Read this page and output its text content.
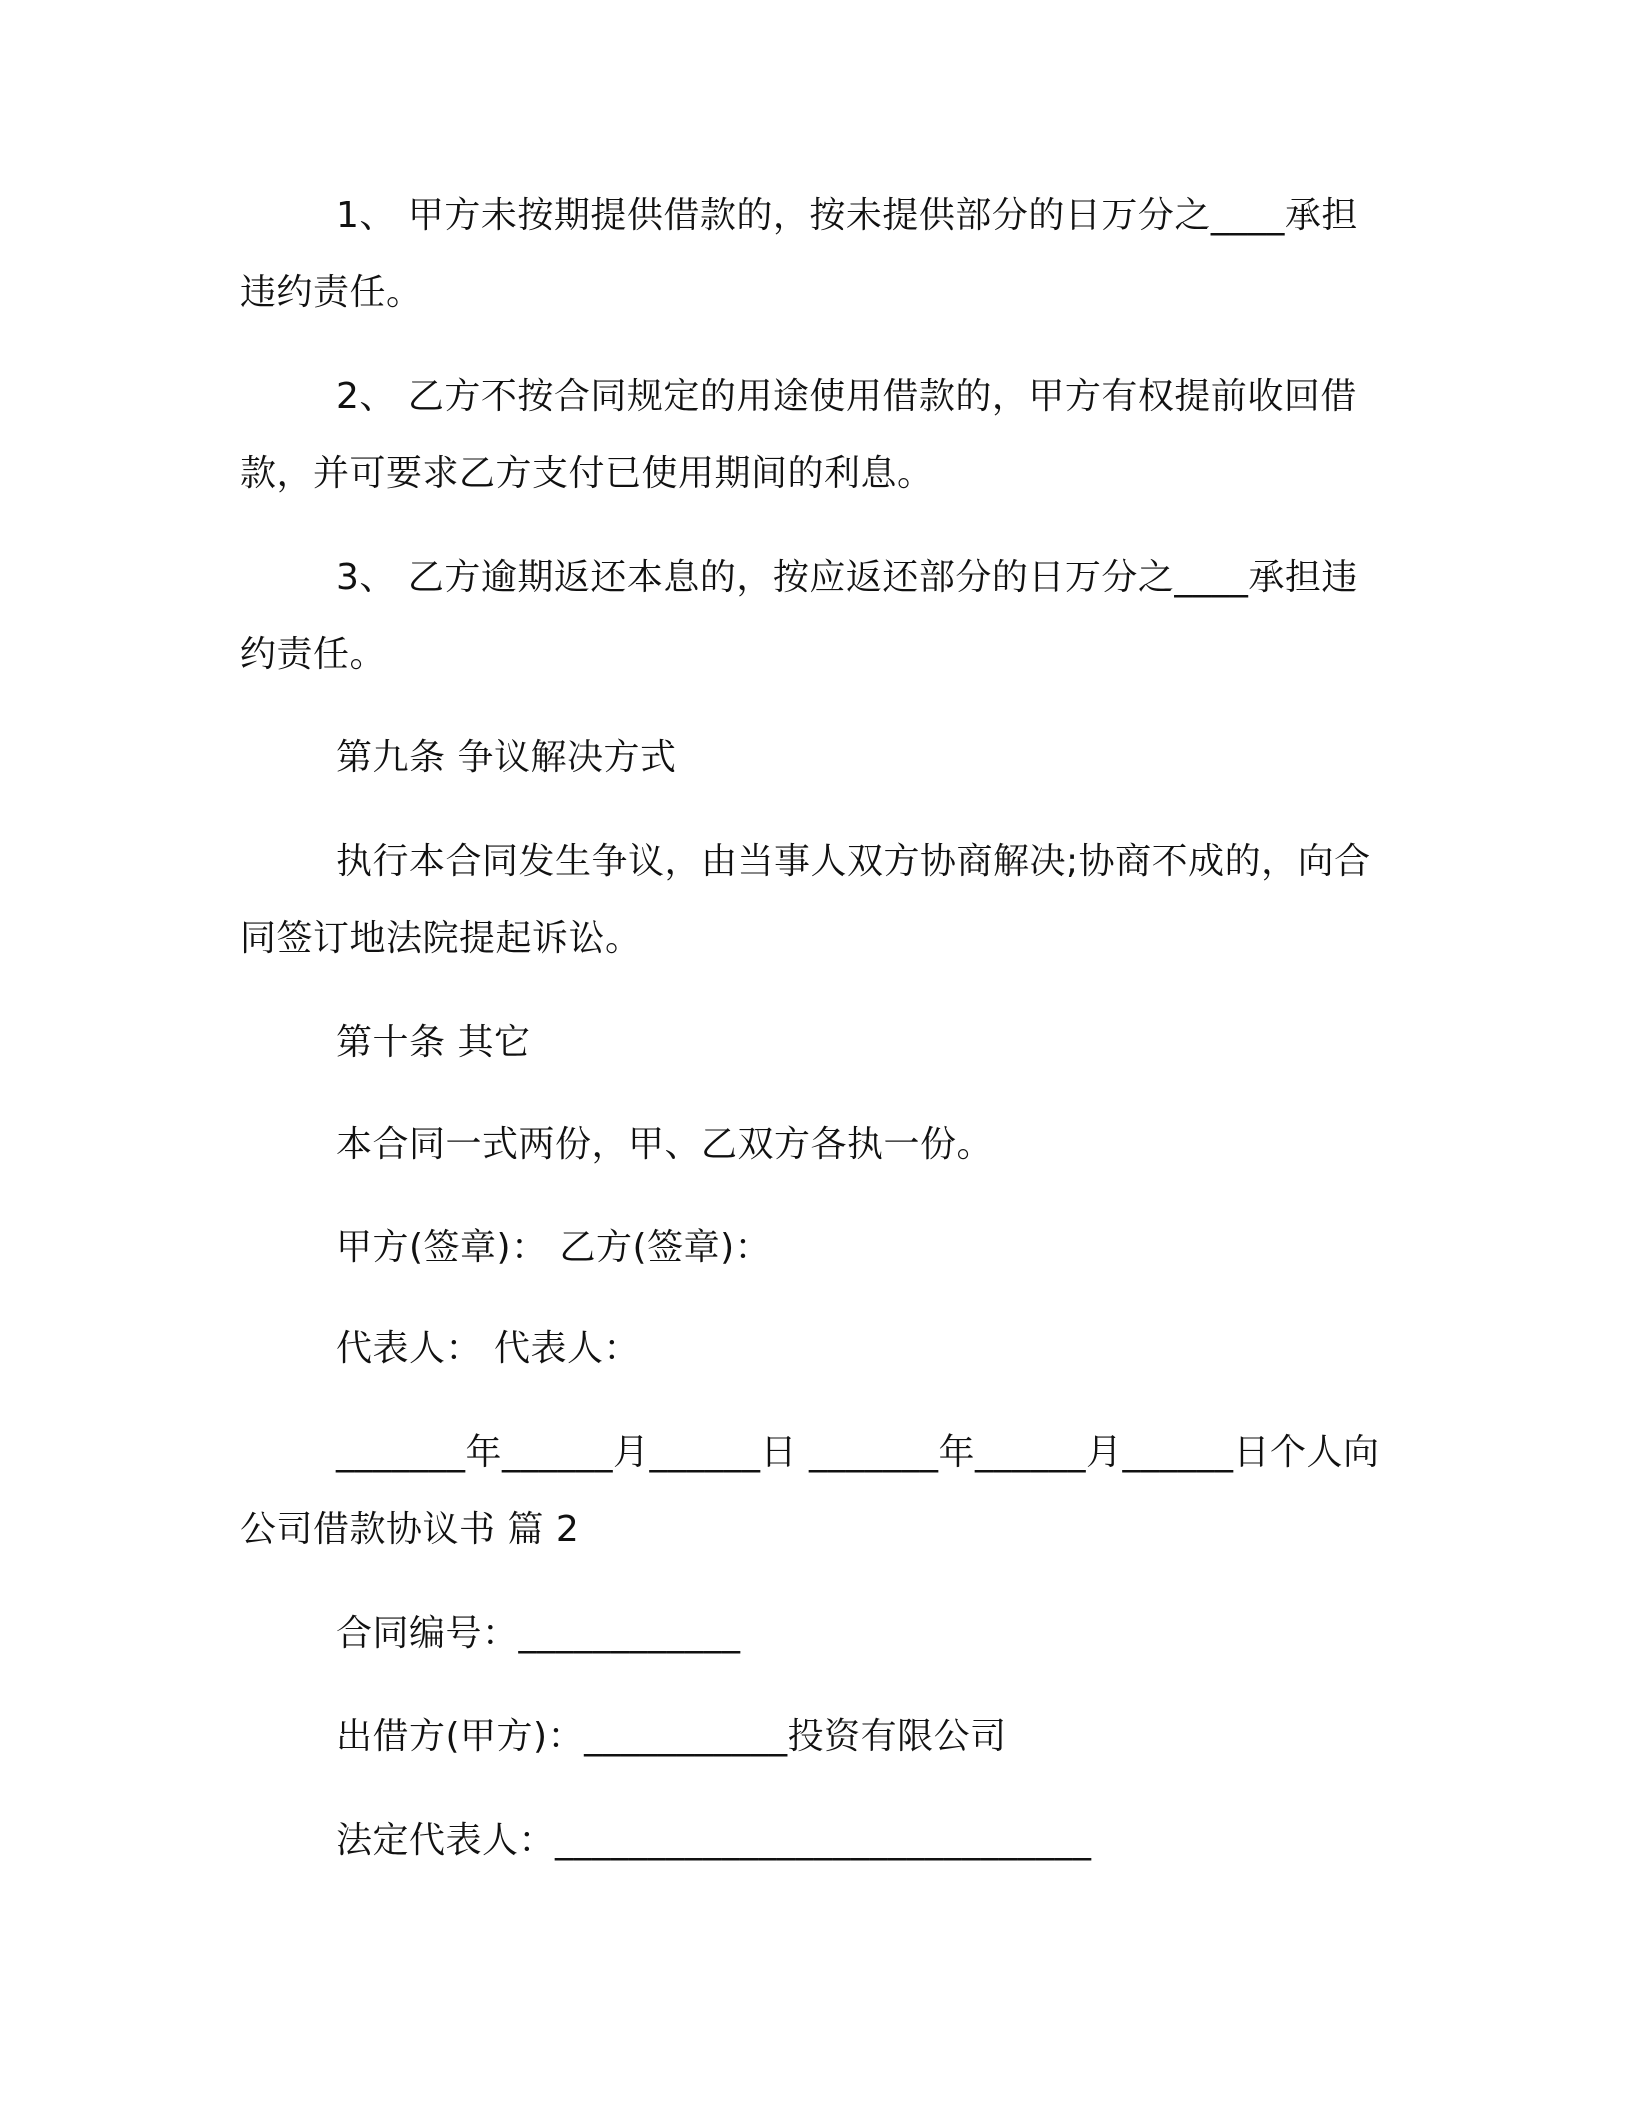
1、 甲方未按期提供借款的，按未提供部分的日万分之____承担违约责任。

2、 乙方不按合同规定的用途使用借款的，甲方有权提前收回借款，并可要求乙方支付已使用期间的利息。

3、 乙方逾期返还本息的，按应返还部分的日万分之____承担违约责任。

第九条 争议解决方式

执行本合同发生争议，由当事人双方协商解决;协商不成的，向合同签订地法院提起诉讼。

第十条 其它

本合同一式两份，甲、乙双方各执一份。

甲方(签章)： 乙方(签章)：

代表人： 代表人：

_______年______月______日 _______年______月______日个人向公司借款协议书 篇 2

合同编号：____________

出借方(甲方)：___________投资有限公司

法定代表人：_____________________________
